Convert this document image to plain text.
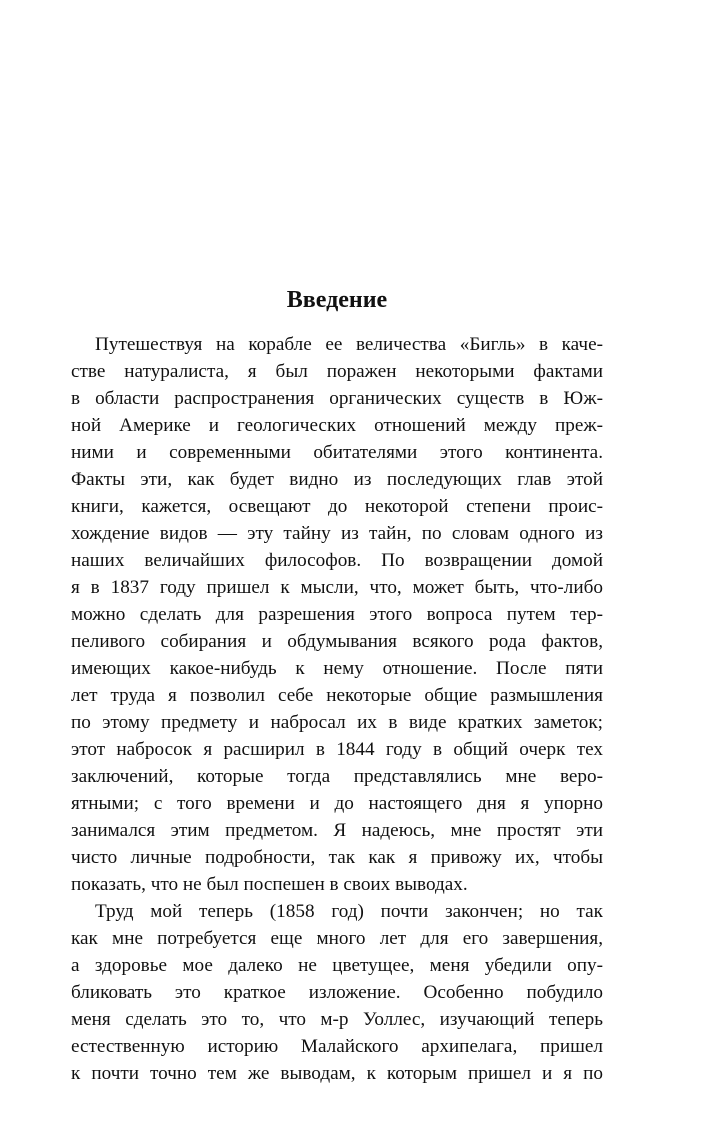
Введение
Путешествуя на корабле ее величества «Бигль» в каче-
стве натуралиста, я был поражен некоторыми фактами
в области распространения органических существ в Юж-
ной Америке и геологических отношений между преж-
ними и современными обитателями этого континента.
Факты эти, как будет видно из последующих глав этой
книги, кажется, освещают до некоторой степени проис-
хождение видов — эту тайну из тайн, по словам одного из
наших величайших философов. По возвращении домой
я в 1837 году пришел к мысли, что, может быть, что-либо
можно сделать для разрешения этого вопроса путем тер-
пеливого собирания и обдумывания всякого рода фактов,
имеющих какое-нибудь к нему отношение. После пяти
лет труда я позволил себе некоторые общие размышления
по этому предмету и набросал их в виде кратких заметок;
этот набросок я расширил в 1844 году в общий очерк тех
заключений, которые тогда представлялись мне веро-
ятными; с того времени и до настоящего дня я упорно
занимался этим предметом. Я надеюсь, мне простят эти
чисто личные подробности, так как я привожу их, чтобы
показать, что не был поспешен в своих выводах.
Труд мой теперь (1858 год) почти закончен; но так
как мне потребуется еще много лет для его завершения,
а здоровье мое далеко не цветущее, меня убедили опу-
бликовать это краткое изложение. Особенно побудило
меня сделать это то, что м-р Уоллес, изучающий теперь
естественную историю Малайского архипелага, пришел
к почти точно тем же выводам, к которым пришел и я по
